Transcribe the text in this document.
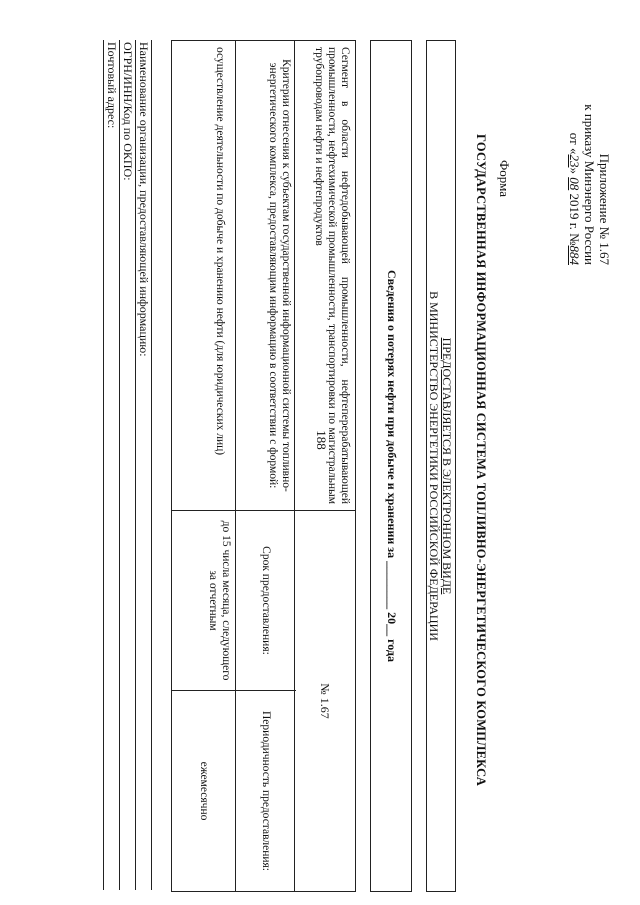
188
Приложение № 1.67
к приказу Минэнерго России
от «23» 08 2019 г. №884
Форма
ГОСУДАРСТВЕННАЯ ИНФОРМАЦИОННАЯ СИСТЕМА ТОПЛИВНО-ЭНЕРГЕТИЧЕСКОГО КОМПЛЕКСА
ПРЕДОСТАВЛЯЕТСЯ В ЭЛЕКТРОННОМ ВИДЕ
В МИНИСТЕРСТВО ЭНЕРГЕТИКИ РОССИЙСКОЙ ФЕДЕРАЦИИ
Сведения о потерях нефти при добыче и хранении за ________ 20__ года
Сегмент в области нефтедобывающей промышленности, нефтеперерабатывающей промышленности, нефтехимической промышленности, транспортировки по магистральным трубопроводам нефти и нефтепродуктов
№ 1.67
Критерии отнесения к субъектам государственной информационной системы топливно-энергетического комплекса, предоставляющим информацию в соответствии с формой:
Срок предоставления:
Периодичность предоставления:
осуществление деятельности по добыче и хранению нефти (для юридических лиц)
до 15 числа месяца, следующего за отчетным
ежемесячно
Наименование организации, предоставляющей информацию:
ОГРН/ИНН/Код по ОКПО:
Почтовый адрес:
